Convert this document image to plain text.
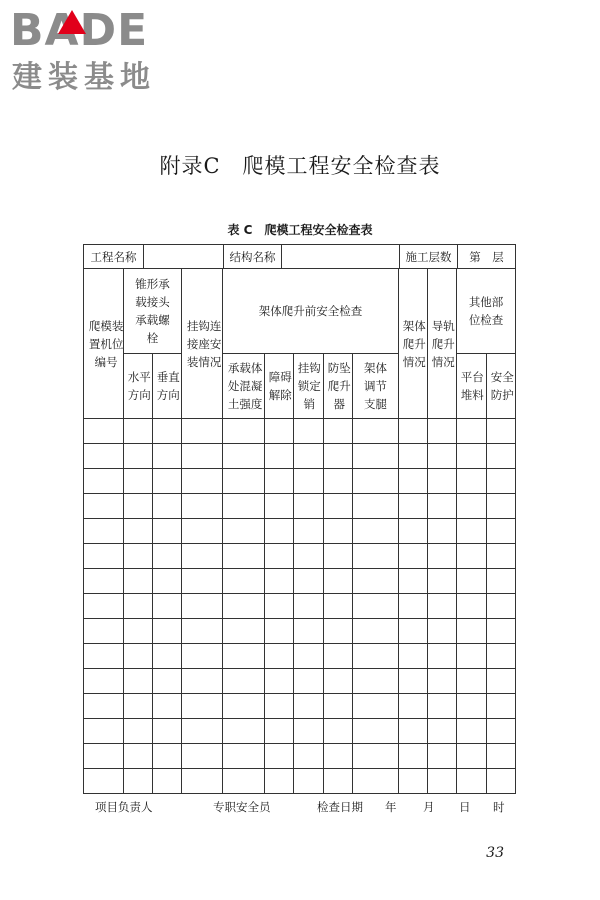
BADE
建装基地
附录C　爬模工程安全检查表
表 C　爬模工程安全检查表
工程名称		结构名称		施工层数	第　层
爬模装置机位编号	锥形承载接头承载螺栓		挂钩连接座安装情况	架体爬升前安全检查					架体爬升情况	导轨爬升情况	其他部位检查	
	水平方向	垂直方向		承载体处混凝土强度	障碍解除	挂钩锁定销	防坠爬升器	架体调节支腿			平台堆料	安全防护

项目负责人	专职安全员	检查日期 年 月 日 时
33
